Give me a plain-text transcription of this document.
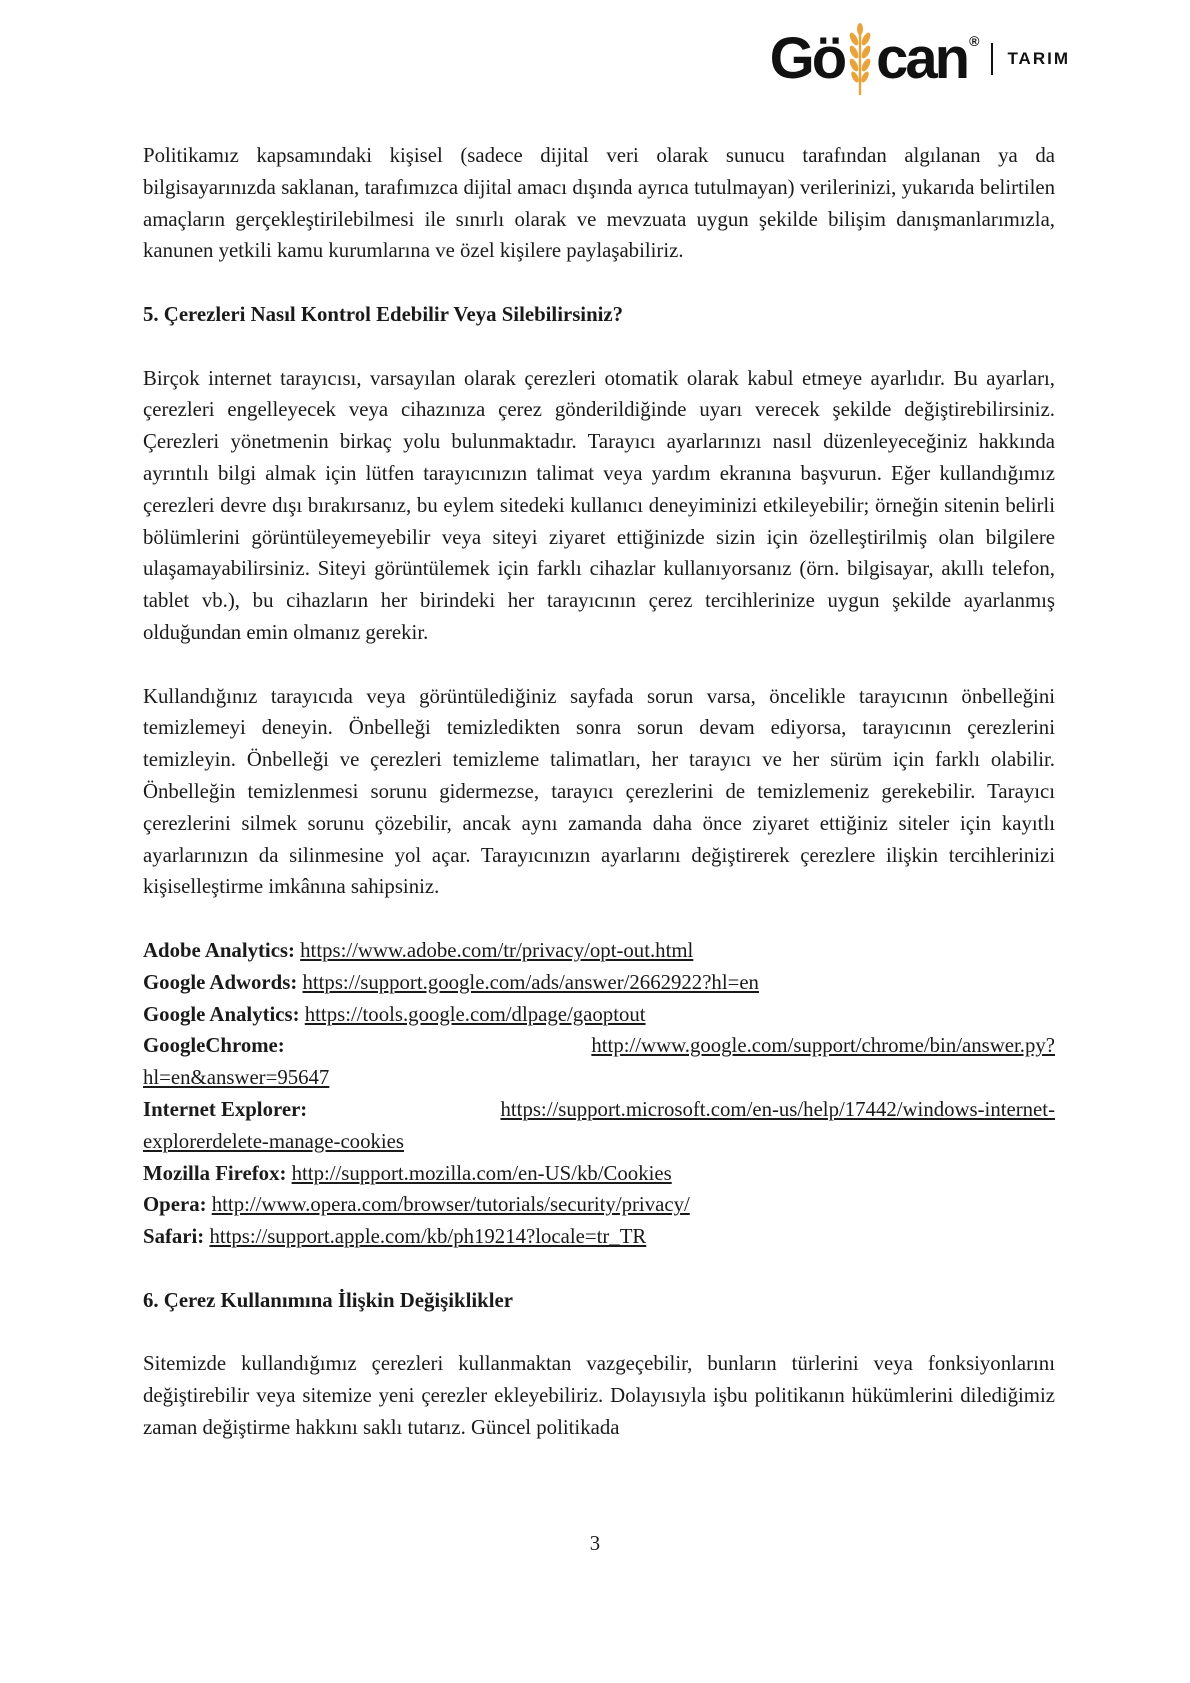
Gö can ®
TARIM

Politikamız kapsamındaki kişisel (sadece dijital veri olarak sunucu tarafından algılanan ya da bilgisayarınızda saklanan, tarafımızca dijital amacı dışında ayrıca tutulmayan) verilerinizi, yukarıda belirtilen amaçların gerçekleştirilebilmesi ile sınırlı olarak ve mevzuata uygun şekilde bilişim danışmanlarımızla, kanunen yetkili kamu kurumlarına ve özel kişilere paylaşabiliriz.

5. Çerezleri Nasıl Kontrol Edebilir Veya Silebilirsiniz?

Birçok internet tarayıcısı, varsayılan olarak çerezleri otomatik olarak kabul etmeye ayarlıdır. Bu ayarları, çerezleri engelleyecek veya cihazınıza çerez gönderildiğinde uyarı verecek şekilde değiştirebilirsiniz. Çerezleri yönetmenin birkaç yolu bulunmaktadır. Tarayıcı ayarlarınızı nasıl düzenleyeceğiniz hakkında ayrıntılı bilgi almak için lütfen tarayıcınızın talimat veya yardım ekranına başvurun. Eğer kullandığımız çerezleri devre dışı bırakırsanız, bu eylem sitedeki kullanıcı deneyiminizi etkileyebilir; örneğin sitenin belirli bölümlerini görüntüleyemeyebilir veya siteyi ziyaret ettiğinizde sizin için özelleştirilmiş olan bilgilere ulaşamayabilirsiniz. Siteyi görüntülemek için farklı cihazlar kullanıyorsanız (örn. bilgisayar, akıllı telefon, tablet vb.), bu cihazların her birindeki her tarayıcının çerez tercihlerinize uygun şekilde ayarlanmış olduğundan emin olmanız gerekir.

Kullandığınız tarayıcıda veya görüntülediğiniz sayfada sorun varsa, öncelikle tarayıcının önbelleğini temizlemeyi deneyin. Önbelleği temizledikten sonra sorun devam ediyorsa, tarayıcının çerezlerini temizleyin. Önbelleği ve çerezleri temizleme talimatları, her tarayıcı ve her sürüm için farklı olabilir. Önbelleğin temizlenmesi sorunu gidermezse, tarayıcı çerezlerini de temizlemeniz gerekebilir. Tarayıcı çerezlerini silmek sorunu çözebilir, ancak aynı zamanda daha önce ziyaret ettiğiniz siteler için kayıtlı ayarlarınızın da silinmesine yol açar. Tarayıcınızın ayarlarını değiştirerek çerezlere ilişkin tercihlerinizi kişiselleştirme imkânına sahipsiniz.

Adobe Analytics: https://www.adobe.com/tr/privacy/opt-out.html
Google Adwords: https://support.google.com/ads/answer/2662922?hl=en
Google Analytics: https://tools.google.com/dlpage/gaoptout
GoogleChrome:	http://www.google.com/support/chrome/bin/answer.py?
hl=en&answer=95647
Internet Explorer:	https://support.microsoft.com/en-us/help/17442/windows-internet-
explorerdelete-manage-cookies
Mozilla Firefox: http://support.mozilla.com/en-US/kb/Cookies
Opera: http://www.opera.com/browser/tutorials/security/privacy/
Safari: https://support.apple.com/kb/ph19214?locale=tr_TR

6. Çerez Kullanımına İlişkin Değişiklikler

Sitemizde kullandığımız çerezleri kullanmaktan vazgeçebilir, bunların türlerini veya fonksiyonlarını değiştirebilir veya sitemize yeni çerezler ekleyebiliriz. Dolayısıyla işbu politikanın hükümlerini dilediğimiz zaman değiştirme hakkını saklı tutarız. Güncel politikada

3
